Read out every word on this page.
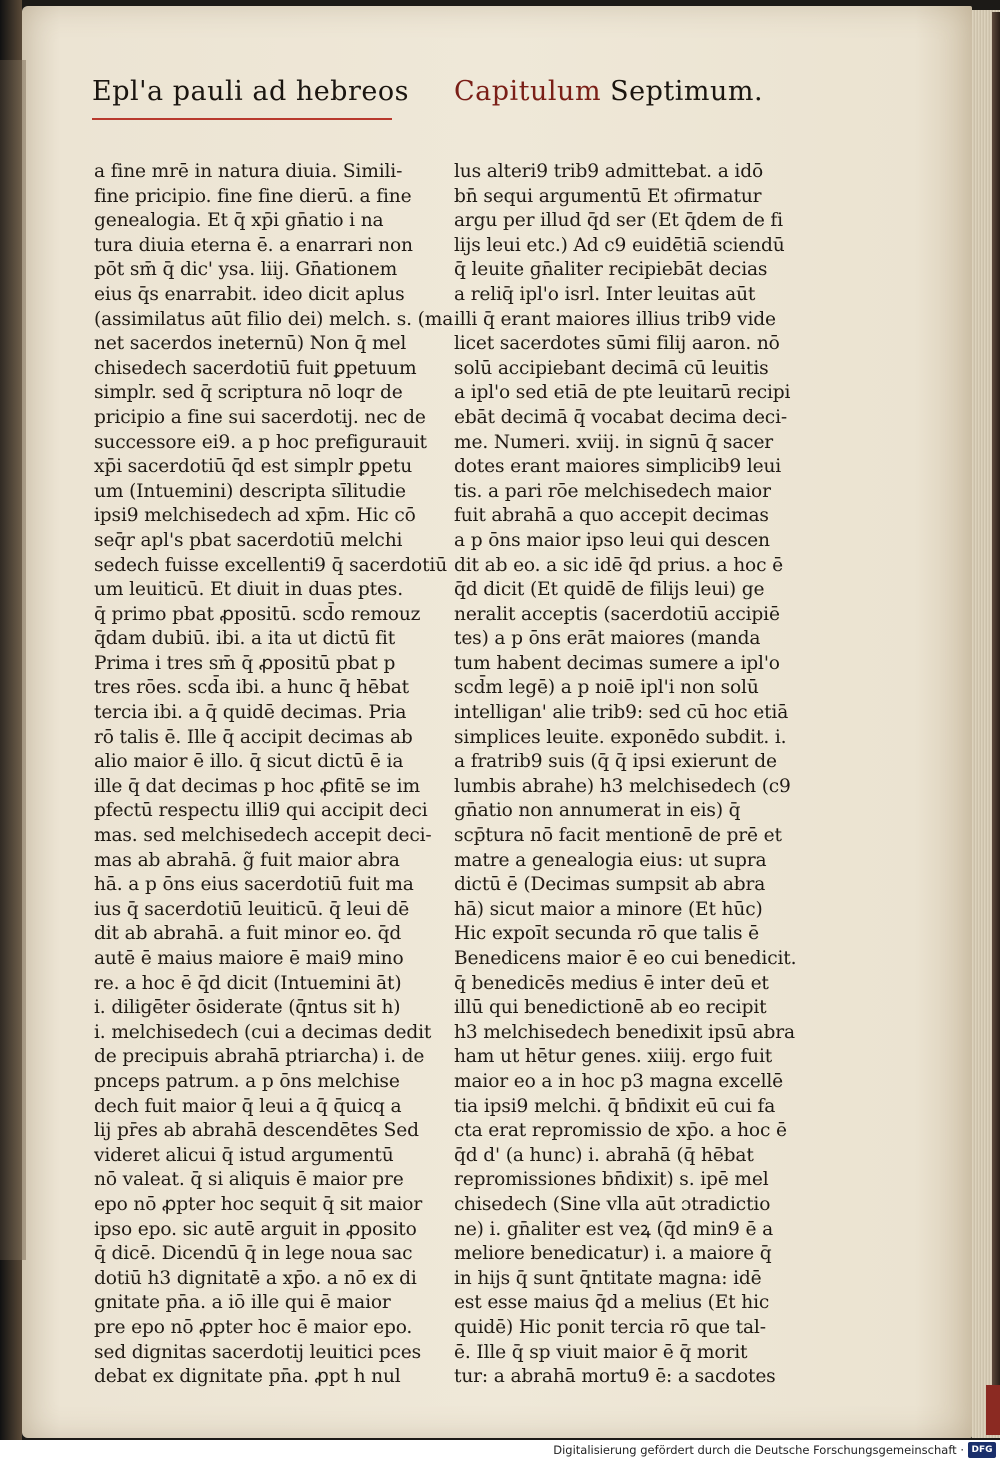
Epl'a pauli ad hebreos Capitulum Septimum.
a fine mrē in natura diuia. Simili-
fine pricipio. fine fine dierū. a fine
genealogia. Et q̄ xp̄i gn̄atio i na
tura diuia eterna ē. a enarrari non
pōt sm̄ q̄ dic' ysa. liij. Gn̄ationem
eius q̄s enarrabit. ideo dicit aplus
(assimilatus aūt filio dei) melch. s. (ma
net sacerdos ineternū) Non q̄ mel
chisedech sacerdotiū fuit ꝑpetuum
simplr. sed q̄ scriptura nō loqr de
pricipio a fine sui sacerdotij. nec de
successore ei9. a p hoc prefigurauit
xp̄i sacerdotiū q̄d est simplr ꝑpetu
um (Intuemini) descripta sīlitudie
ipsi9 melchisedech ad xp̄m. Hic cō
seq̄r apl's pbat sacerdotiū melchi
sedech fuisse excellenti9 q̄ sacerdotiū
um leuiticū. Et diuit in duas ptes.
q̄ primo pbat ꝓpositū. scd̄o remouz
q̄dam dubiū. ibi. a ita ut dictū fit
Prima i tres sm̄ q̄ ꝓpositū pbat p
tres rōes. scd̄a ibi. a hunc q̄ hēbat
tercia ibi. a q̄ quidē decimas. Pria
rō talis ē. Ille q̄ accipit decimas ab
alio maior ē illo. q̄ sicut dictū ē ia
ille q̄ dat decimas p hoc ꝓfitē se im
pfectū respectu illi9 qui accipit deci
mas. sed melchisedech accepit deci-
mas ab abrahā. g̃ fuit maior abra
hā. a p ōns eius sacerdotiū fuit ma
ius q̄ sacerdotiū leuiticū. q̄ leui dē
dit ab abrahā. a fuit minor eo. q̄d
autē ē maius maiore ē mai9 mino
re. a hoc ē q̄d dicit (Intuemini āt)
i. diligēter ōsiderate (q̄ntus sit h)
i. melchisedech (cui a decimas dedit
de precipuis abrahā ptriarcha) i. de
pnceps patrum. a p ōns melchise
dech fuit maior q̄ leui a q̄ q̄uicq a
lij pr̄es ab abrahā descendētes Sed
videret alicui q̄ istud argumentū
nō valeat. q̄ si aliquis ē maior pre
epo nō ꝓpter hoc sequit q̄ sit maior
ipso epo. sic autē arguit in ꝓposito
q̄ dicē. Dicendū q̄ in lege noua sac
dotiū h3 dignitatē a xp̄o. a nō ex di
gnitate pn̄a. a iō ille qui ē maior
pre epo nō ꝓpter hoc ē maior epo.
sed dignitas sacerdotij leuitici pces
debat ex dignitate pn̄a. ꝓpt h nul
lus alteri9 trib9 admittebat. a idō
bn̄ sequi argumentū Et ɔfirmatur
argu per illud q̄d ser (Et q̄dem de fi
lijs leui etc.) Ad c9 euidētiā sciendū
q̄ leuite gn̄aliter recipiebāt decias
a reliq̄ ipl'o isrl. Inter leuitas aūt
illi q̄ erant maiores illius trib9 vide
licet sacerdotes sūmi filij aaron. nō
solū accipiebant decimā cū leuitis
a ipl'o sed etiā de pte leuitarū recipi
ebāt decimā q̄ vocabat decima deci-
me. Numeri. xviij. in signū q̄ sacer
dotes erant maiores simplicib9 leui
tis. a pari rōe melchisedech maior
fuit abrahā a quo accepit decimas
a p ōns maior ipso leui qui descen
dit ab eo. a sic idē q̄d prius. a hoc ē
q̄d dicit (Et quidē de filijs leui) ge
neralit acceptis (sacerdotiū accipiē
tes) a p ōns erāt maiores (manda
tum habent decimas sumere a ipl'o
scd̄m legē) a p noiē ipl'i non solū
intelligan' alie trib9: sed cū hoc etiā
simplices leuite. exponēdo subdit. i.
a fratrib9 suis (q̄ q̄ ipsi exierunt de
lumbis abrahe) h3 melchisedech (c9
gn̄atio non annumerat in eis) q̄
scp̄tura nō facit mentionē de prē et
matre a genealogia eius: ut supra
dictū ē (Decimas sumpsit ab abra
hā) sicut maior a minore (Et hūc)
Hic expoīt secunda rō que talis ē
Benedicens maior ē eo cui benedicit.
q̄ benedicēs medius ē inter deū et
illū qui benedictionē ab eo recipit
h3 melchisedech benedixit ipsū abra
ham ut hētur genes. xiiij. ergo fuit
maior eo a in hoc p3 magna excellē
tia ipsi9 melchi. q̄ bn̄dixit eū cui fa
cta erat repromissio de xp̄o. a hoc ē
q̄d d' (a hunc) i. abrahā (q̄ hēbat
repromissiones bn̄dixit) s. ipē mel
chisedech (Sine vlla aūt ɔtradictio
ne) i. gn̄aliter est veꝝ (q̄d min9 ē a
meliore benedicatur) i. a maiore q̄
in hijs q̄ sunt q̄ntitate magna: idē
est esse maius q̄d a melius (Et hic
quidē) Hic ponit tercia rō que tal-
ē. Ille q̄ sp viuit maior ē q̄ morit
tur: a abrahā mortu9 ē: a sacdotes
Digitalisierung gefördert durch die Deutsche Forschungsgemeinschaft · DFG
